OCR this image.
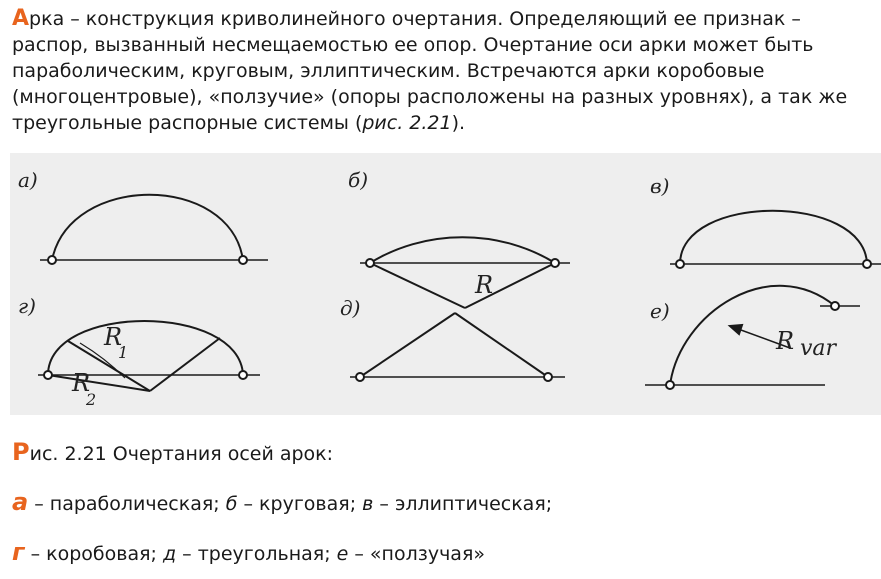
Арка – конструкция криволинейного очертания. Определяющий ее признак – распор, вызванный несмещаемостью ее опор. Очертание оси арки может быть параболическим, круговым, эллиптическим. Встречаются арки коробовые (многоцентровые), «ползучие» (опоры расположены на разных уровнях), а так же треугольные распорные системы (рис. 2.21).

а)	б)	в)
г)	д)	е)
R
R
1
R
2
R var

Рис. 2.21 Очертания осей арок:

а – параболическая; б – круговая; в – эллиптическая;

г – коробовая; д – треугольная; е – «ползучая»
